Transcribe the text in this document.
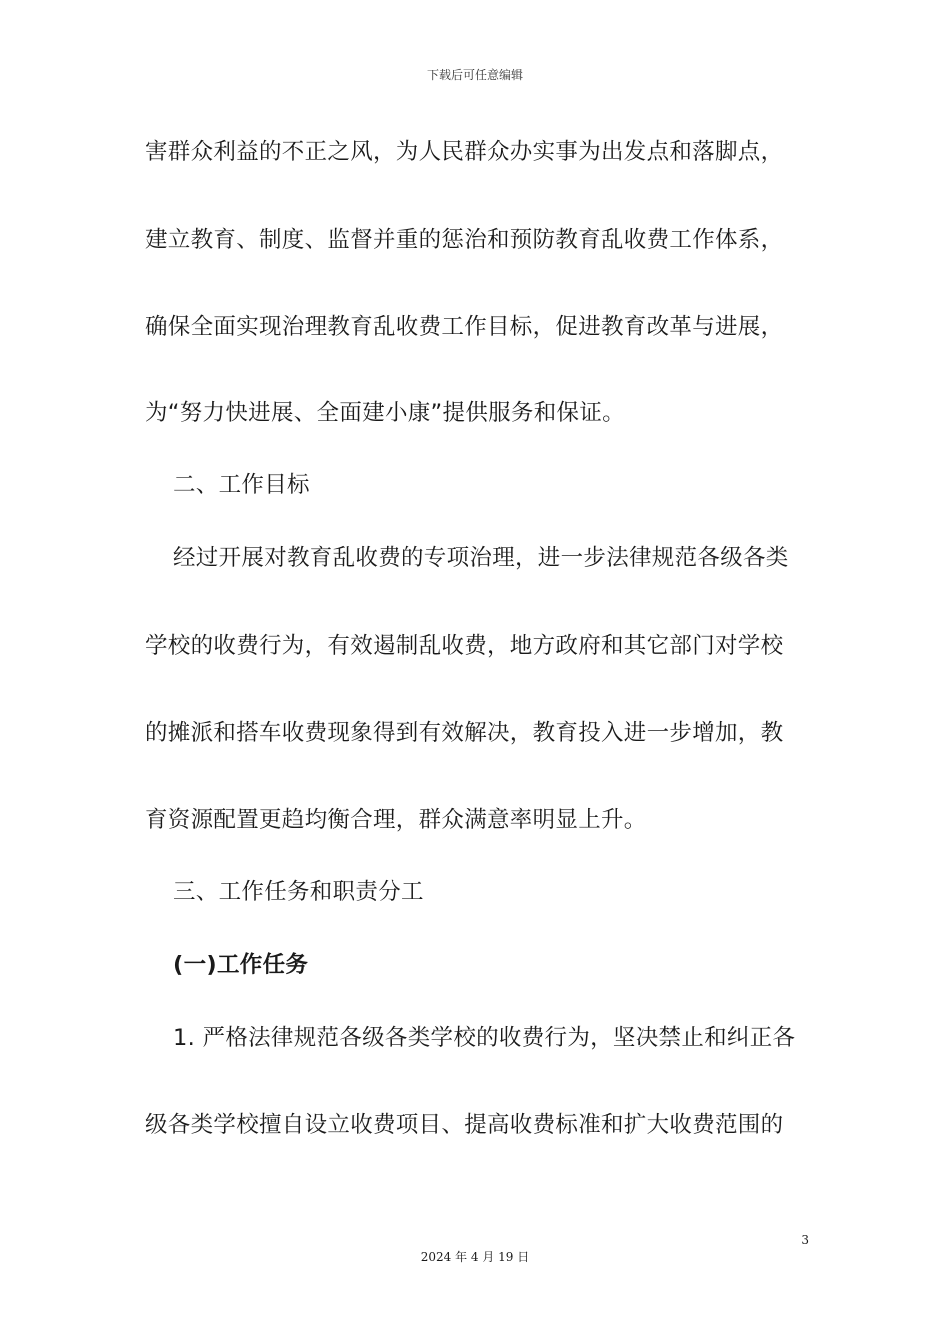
下载后可任意编辑
害群众利益的不正之风，为人民群众办实事为出发点和落脚点，
建立教育、制度、监督并重的惩治和预防教育乱收费工作体系，
确保全面实现治理教育乱收费工作目标，促进教育改革与进展，
为“努力快进展、全面建小康”提供服务和保证。
二、工作目标
经过开展对教育乱收费的专项治理，进一步法律规范各级各类
学校的收费行为，有效遏制乱收费，地方政府和其它部门对学校
的摊派和搭车收费现象得到有效解决，教育投入进一步增加，教
育资源配置更趋均衡合理，群众满意率明显上升。
三、工作任务和职责分工
(一)工作任务
1. 严格法律规范各级各类学校的收费行为，坚决禁止和纠正各
级各类学校擅自设立收费项目、提高收费标准和扩大收费范围的
3
2024 年 4 月 19 日
